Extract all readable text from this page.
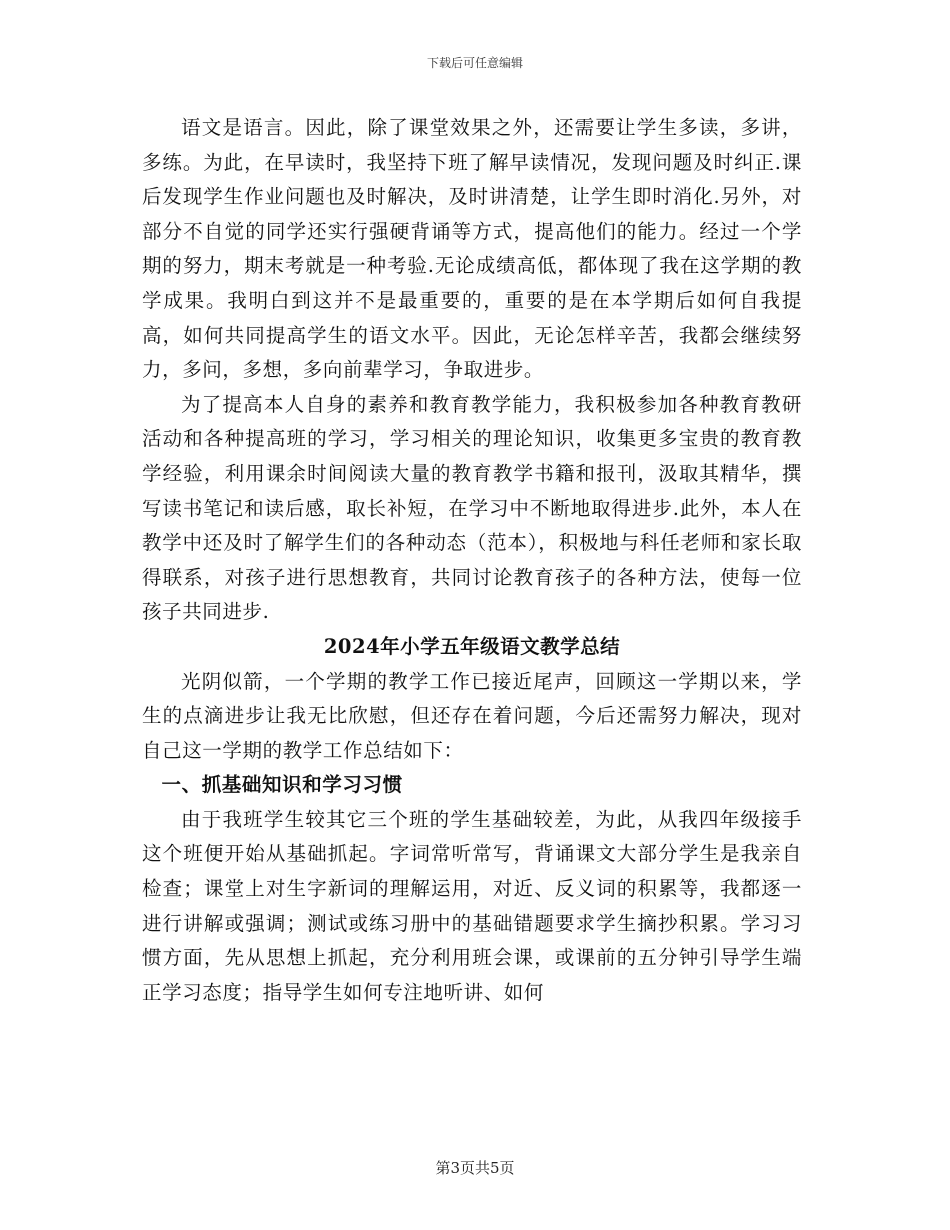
下载后可任意编辑

语文是语言。因此，除了课堂效果之外，还需要让学生多读，多讲，多练。为此，在早读时，我坚持下班了解早读情况，发现问题及时纠正.课后发现学生作业问题也及时解决，及时讲清楚，让学生即时消化.另外，对部分不自觉的同学还实行强硬背诵等方式，提高他们的能力。经过一个学期的努力，期末考就是一种考验.无论成绩高低，都体现了我在这学期的教学成果。我明白到这并不是最重要的，重要的是在本学期后如何自我提高，如何共同提高学生的语文水平。因此，无论怎样辛苦，我都会继续努力，多问，多想，多向前辈学习，争取进步。

为了提高本人自身的素养和教育教学能力，我积极参加各种教育教研活动和各种提高班的学习，学习相关的理论知识，收集更多宝贵的教育教学经验，利用课余时间阅读大量的教育教学书籍和报刊，汲取其精华，撰写读书笔记和读后感，取长补短，在学习中不断地取得进步.此外，本人在教学中还及时了解学生们的各种动态（范本），积极地与科任老师和家长取得联系，对孩子进行思想教育，共同讨论教育孩子的各种方法，使每一位孩子共同进步.

2024年小学五年级语文教学总结

光阴似箭，一个学期的教学工作已接近尾声，回顾这一学期以来，学生的点滴进步让我无比欣慰，但还存在着问题，今后还需努力解决，现对自己这一学期的教学工作总结如下：

一、抓基础知识和学习习惯

由于我班学生较其它三个班的学生基础较差，为此，从我四年级接手这个班便开始从基础抓起。字词常听常写，背诵课文大部分学生是我亲自检查；课堂上对生字新词的理解运用，对近、反义词的积累等，我都逐一进行讲解或强调；测试或练习册中的基础错题要求学生摘抄积累。学习习惯方面，先从思想上抓起，充分利用班会课，或课前的五分钟引导学生端正学习态度；指导学生如何专注地听讲、如何

第3页共5页
